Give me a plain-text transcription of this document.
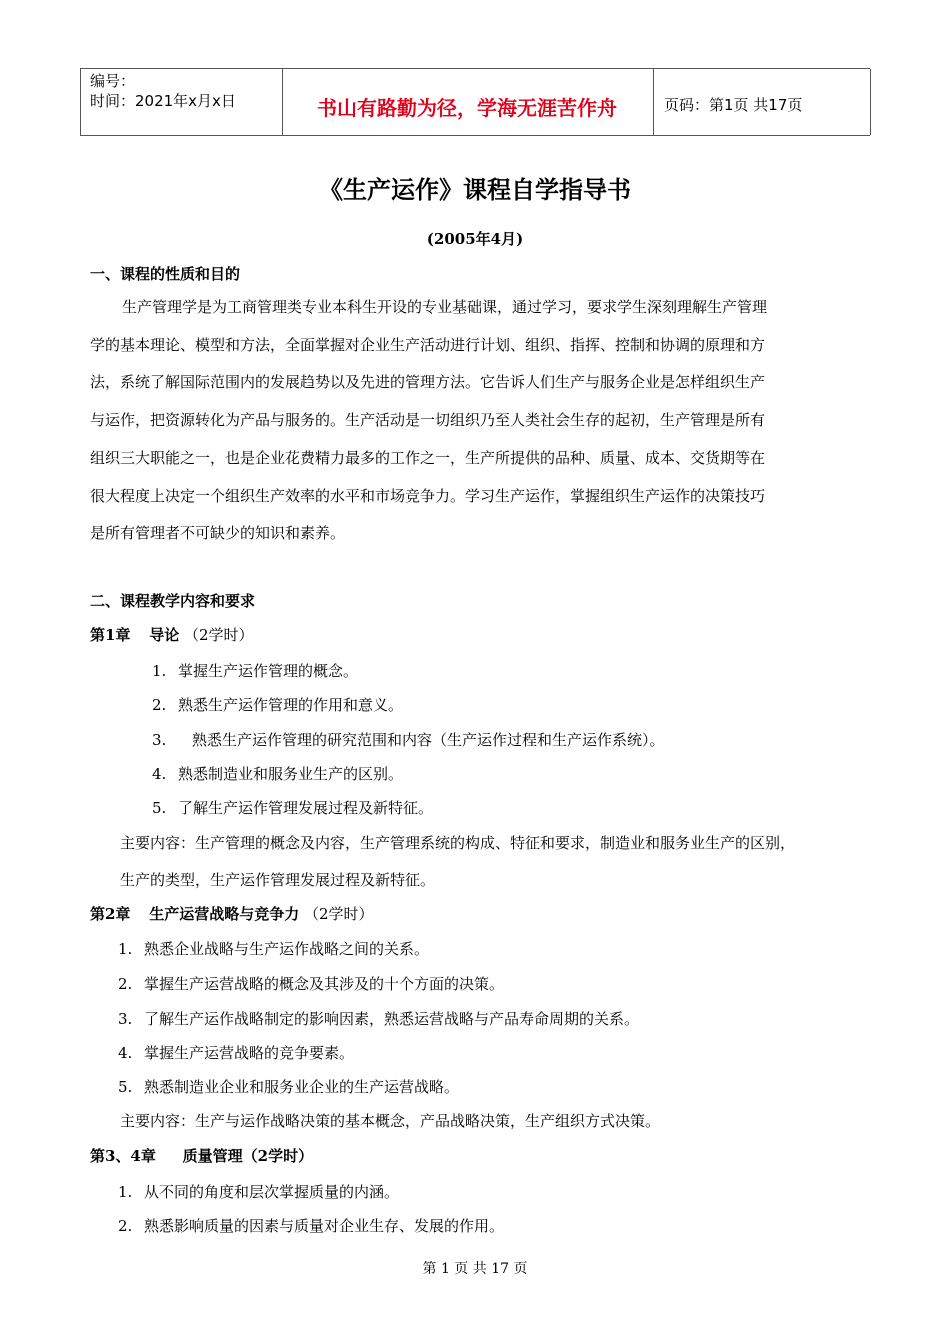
编号：
时间：2021年x月x日	书山有路勤为径，学海无涯苦作舟	页码：第1页 共17页
《生产运作》课程自学指导书
(2005年4月)
一、课程的性质和目的
生产管理学是为工商管理类专业本科生开设的专业基础课，通过学习，要求学生深刻理解生产管理
学的基本理论、模型和方法，全面掌握对企业生产活动进行计划、组织、指挥、控制和协调的原理和方
法，系统了解国际范围内的发展趋势以及先进的管理方法。它告诉人们生产与服务企业是怎样组织生产
与运作，把资源转化为产品与服务的。生产活动是一切组织乃至人类社会生存的起初，生产管理是所有
组织三大职能之一，也是企业花费精力最多的工作之一，生产所提供的品种、质量、成本、交货期等在
很大程度上决定一个组织生产效率的水平和市场竞争力。学习生产运作，掌握组织生产运作的决策技巧
是所有管理者不可缺少的知识和素养。
二、课程教学内容和要求
第1章 导论 （2学时）
1. 掌握生产运作管理的概念。
2. 熟悉生产运作管理的作用和意义。
3. 熟悉生产运作管理的研究范围和内容（生产运作过程和生产运作系统）。
4. 熟悉制造业和服务业生产的区别。
5. 了解生产运作管理发展过程及新特征。
主要内容：生产管理的概念及内容，生产管理系统的构成、特征和要求，制造业和服务业生产的区别，
生产的类型，生产运作管理发展过程及新特征。
第2章 生产运营战略与竞争力 （2学时）
1. 熟悉企业战略与生产运作战略之间的关系。
2. 掌握生产运营战略的概念及其涉及的十个方面的决策。
3. 了解生产运作战略制定的影响因素，熟悉运营战略与产品寿命周期的关系。
4. 掌握生产运营战略的竞争要素。
5. 熟悉制造业企业和服务业企业的生产运营战略。
主要内容：生产与运作战略决策的基本概念，产品战略决策，生产组织方式决策。
第3、4章 质量管理（2学时）
1. 从不同的角度和层次掌握质量的内涵。
2. 熟悉影响质量的因素与质量对企业生存、发展的作用。
第 1 页 共 17 页
